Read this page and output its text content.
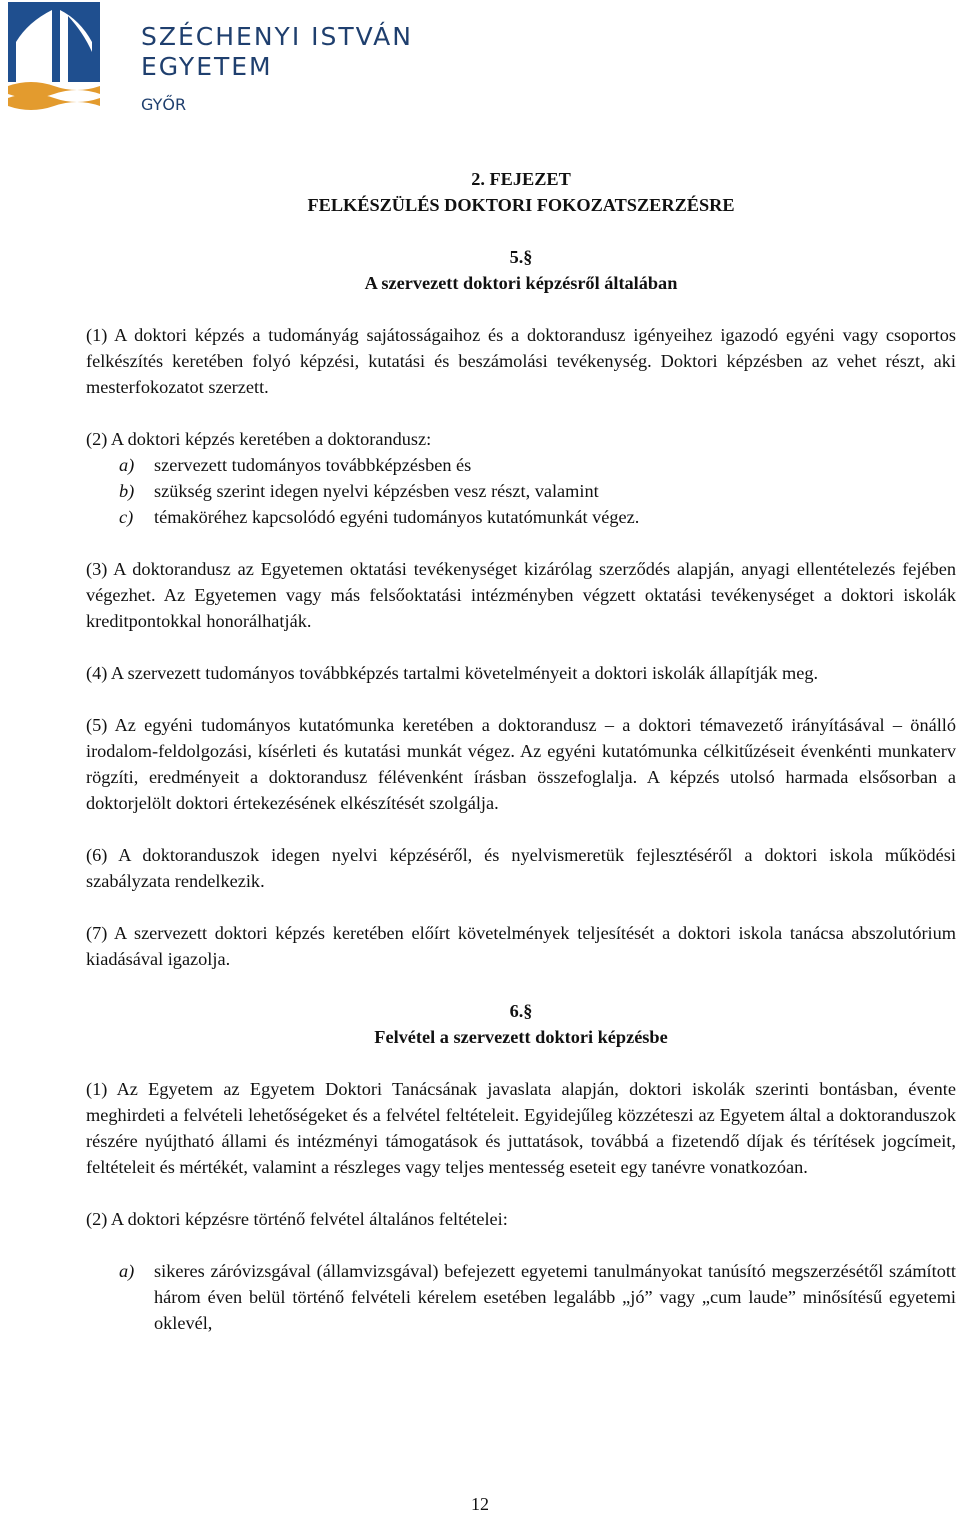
SZÉCHENYI ISTVÁN
EGYETEM
GYŐR

2. FEJEZET

FELKÉSZÜLÉS DOKTORI FOKOZATSZERZÉSRE

5.§

A szervezett doktori képzésről általában

(1) A doktori képzés a tudományág sajátosságaihoz és a doktorandusz igényeihez igazodó egyéni vagy csoportos felkészítés keretében folyó képzési, kutatási és beszámolási tevékenység. Doktori képzésben az vehet részt, aki mesterfokozatot szerzett.

(2) A doktori képzés keretében a doktorandusz:
a) szervezett tudományos továbbképzésben és
b) szükség szerint idegen nyelvi képzésben vesz részt, valamint
c) témaköréhez kapcsolódó egyéni tudományos kutatómunkát végez.

(3) A doktorandusz az Egyetemen oktatási tevékenységet kizárólag szerződés alapján, anyagi ellentételezés fejében végezhet. Az Egyetemen vagy más felsőoktatási intézményben végzett oktatási tevékenységet a doktori iskolák kreditpontokkal honorálhatják.

(4) A szervezett tudományos továbbképzés tartalmi követelményeit a doktori iskolák állapítják meg.

(5) Az egyéni tudományos kutatómunka keretében a doktorandusz – a doktori témavezető irányításával – önálló irodalom-feldolgozási, kísérleti és kutatási munkát végez. Az egyéni kutatómunka célkitűzéseit évenkénti munkaterv rögzíti, eredményeit a doktorandusz félévenként írásban összefoglalja. A képzés utolsó harmada elsősorban a doktorjelölt doktori értekezésének elkészítését szolgálja.

(6) A doktoranduszok idegen nyelvi képzéséről, és nyelvismeretük fejlesztéséről a doktori iskola működési szabályzata rendelkezik.

(7) A szervezett doktori képzés keretében előírt követelmények teljesítését a doktori iskola tanácsa abszolutórium kiadásával igazolja.

6.§

Felvétel a szervezett doktori képzésbe

(1) Az Egyetem az Egyetem Doktori Tanácsának javaslata alapján, doktori iskolák szerinti bontásban, évente meghirdeti a felvételi lehetőségeket és a felvétel feltételeit. Egyidejűleg közzéteszi az Egyetem által a doktoranduszok részére nyújtható állami és intézményi támogatások és juttatások, továbbá a fizetendő díjak és térítések jogcímeit, feltételeit és mértékét, valamint a részleges vagy teljes mentesség eseteit egy tanévre vonatkozóan.

(2) A doktori képzésre történő felvétel általános feltételei:

a) sikeres záróvizsgával (államvizsgával) befejezett egyetemi tanulmányokat tanúsító megszerzésétől számított három éven belül történő felvételi kérelem esetében legalább „jó” vagy „cum laude” minősítésű egyetemi oklevél,
12
